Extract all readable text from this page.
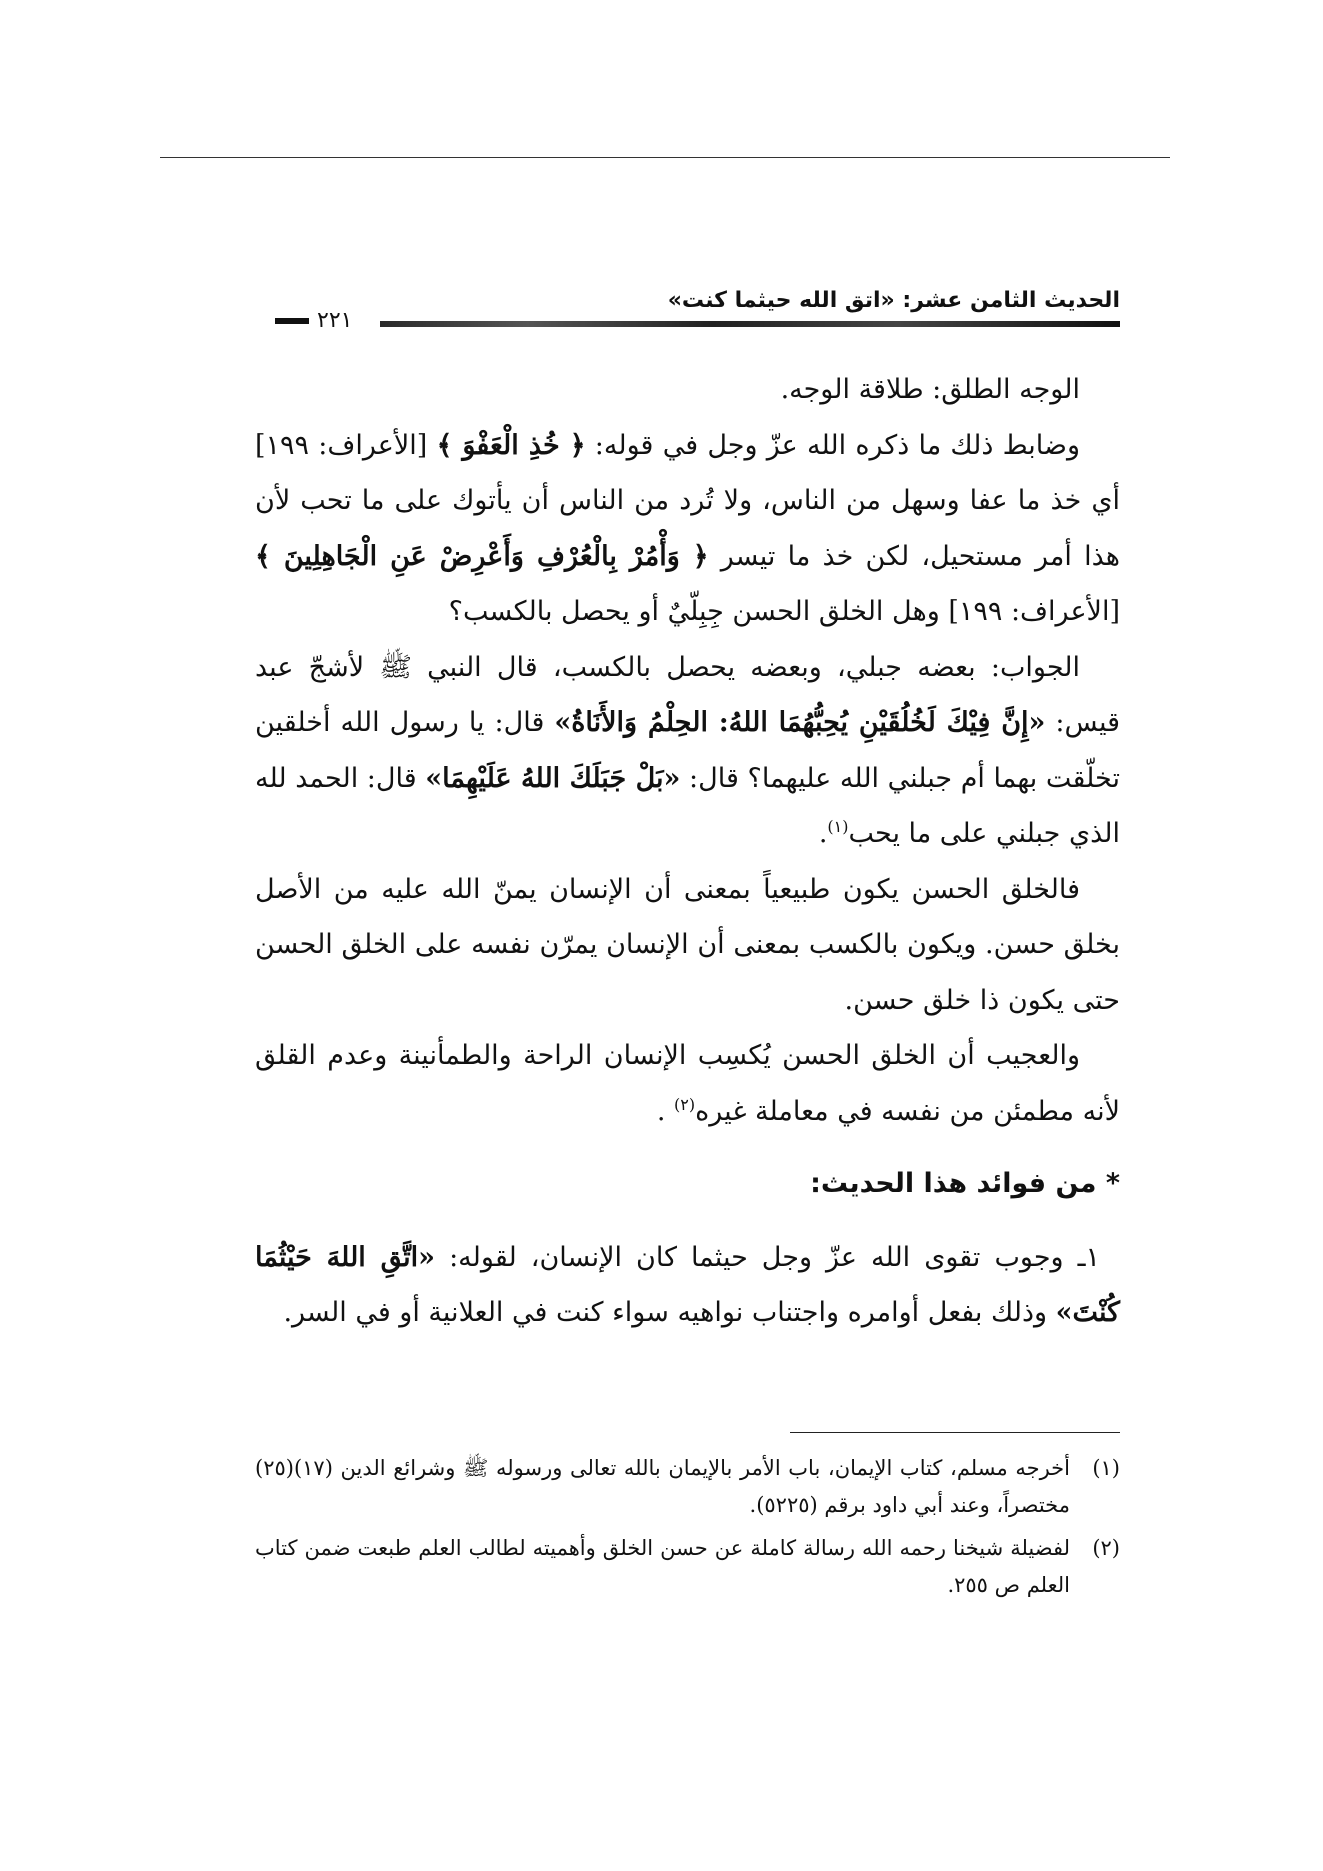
الحديث الثامن عشر: «اتق الله حيثما كنت»
٢٢١

الوجه الطلق: طلاقة الوجه.

وضابط ذلك ما ذكره الله عزّ وجل في قوله: ﴿ خُذِ الْعَفْوَ ﴾ [الأعراف: ١٩٩] أي خذ ما عفا وسهل من الناس، ولا تُرد من الناس أن يأتوك على ما تحب لأن هذا أمر مستحيل، لكن خذ ما تيسر ﴿ وَأْمُرْ بِالْعُرْفِ وَأَعْرِضْ عَنِ الْجَاهِلِينَ ﴾ [الأعراف: ١٩٩] وهل الخلق الحسن جِبِلّيٌ أو يحصل بالكسب؟

الجواب: بعضه جبلي، وبعضه يحصل بالكسب، قال النبي ﷺ لأشجّ عبد قيس: «إِنَّ فِيْكَ لَخُلُقَيْنِ يُحِبُّهُمَا اللهُ: الحِلْمُ وَالأَنَاةُ» قال: يا رسول الله أخلقين تخلّقت بهما أم جبلني الله عليهما؟ قال: «بَلْ جَبَلَكَ اللهُ عَلَيْهِمَا» قال: الحمد لله الذي جبلني على ما يحب$^{(١)}$.

فالخلق الحسن يكون طبيعياً بمعنى أن الإنسان يمنّ الله عليه من الأصل بخلق حسن. ويكون بالكسب بمعنى أن الإنسان يمرّن نفسه على الخلق الحسن حتى يكون ذا خلق حسن.

والعجيب أن الخلق الحسن يُكسِب الإنسان الراحة والطمأنينة وعدم القلق لأنه مطمئن من نفسه في معاملة غيره$^{(٢)}$ .

* من فوائد هذا الحديث:

١ـ وجوب تقوى الله عزّ وجل حيثما كان الإنسان، لقوله: «اتَّقِ اللهَ حَيْثُمَا كُنْتَ» وذلك بفعل أوامره واجتناب نواهيه سواء كنت في العلانية أو في السر.

(١)
أخرجه مسلم، كتاب الإيمان، باب الأمر بالإيمان بالله تعالى ورسوله ﷺ وشرائع الدين (١٧)(٢٥) مختصراً، وعند أبي داود برقم (٥٢٢٥).
(٢)
لفضيلة شيخنا رحمه الله رسالة كاملة عن حسن الخلق وأهميته لطالب العلم طبعت ضمن كتاب العلم ص ٢٥٥.
